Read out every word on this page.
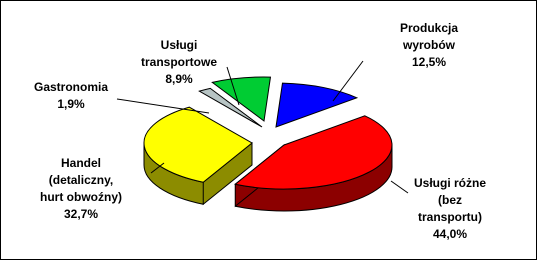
Produkcja wyrobów 12,5%
Usługi różne (bez transportu) 44,0%
Handel (detaliczny, hurt obwoźny) 32,7%
Gastronomia 1,9%
Usługi transportowe 8,9%
